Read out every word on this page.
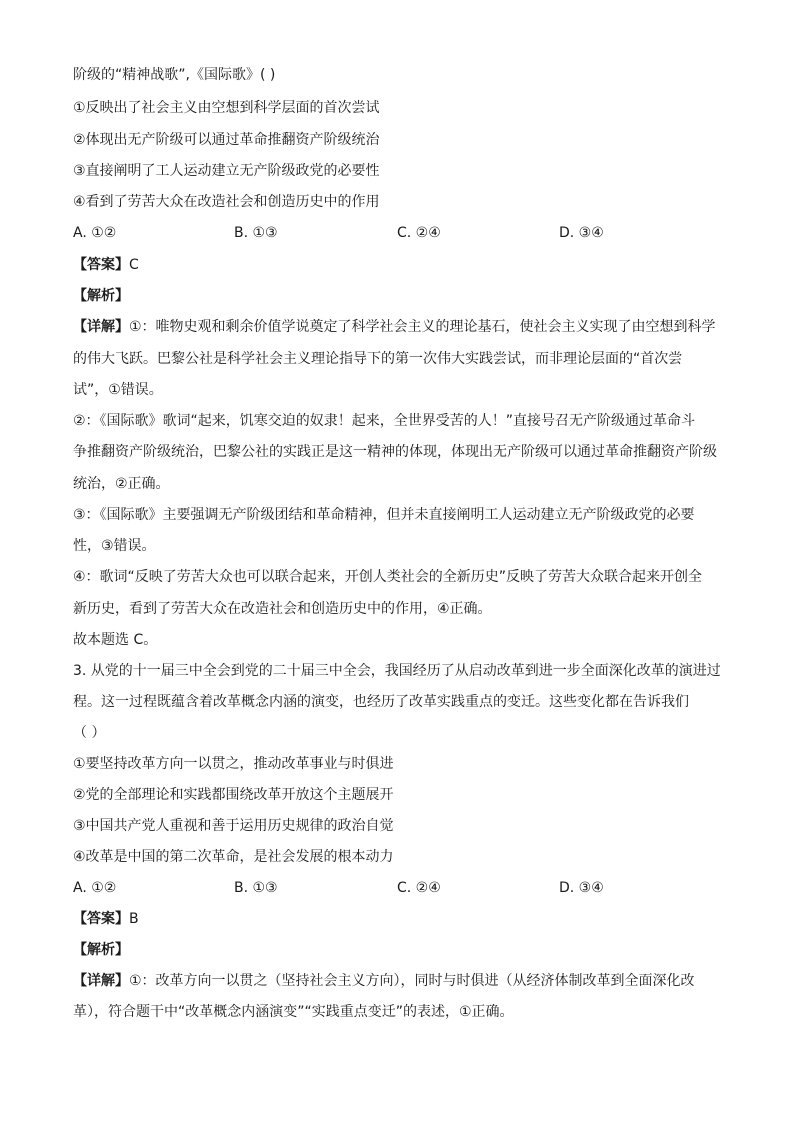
阶级的“精神战歌”,《国际歌》( )
①反映出了社会主义由空想到科学层面的首次尝试
②体现出无产阶级可以通过革命推翻资产阶级统治
③直接阐明了工人运动建立无产阶级政党的必要性
④看到了劳苦大众在改造社会和创造历史中的作用
A. ①②	B. ①③	C. ②④	D. ③④
【答案】C
【解析】
【详解】①：唯物史观和剩余价值学说奠定了科学社会主义的理论基石，使社会主义实现了由空想到科学
的伟大飞跃。巴黎公社是科学社会主义理论指导下的第一次伟大实践尝试，而非理论层面的“首次尝
试”，①错误。
②：《国际歌》歌词“起来，饥寒交迫的奴隶！起来，全世界受苦的人！”直接号召无产阶级通过革命斗
争推翻资产阶级统治，巴黎公社的实践正是这一精神的体现，体现出无产阶级可以通过革命推翻资产阶级
统治，②正确。
③：《国际歌》主要强调无产阶级团结和革命精神，但并未直接阐明工人运动建立无产阶级政党的必要
性，③错误。
④：歌词“反映了劳苦大众也可以联合起来，开创人类社会的全新历史”反映了劳苦大众联合起来开创全
新历史，看到了劳苦大众在改造社会和创造历史中的作用，④正确。
故本题选 C。
3. 从党的十一届三中全会到党的二十届三中全会，我国经历了从启动改革到进一步全面深化改革的演进过
程。这一过程既蕴含着改革概念内涵的演变，也经历了改革实践重点的变迁。这些变化都在告诉我们
（ ）
①要坚持改革方向一以贯之，推动改革事业与时俱进
②党的全部理论和实践都围绕改革开放这个主题展开
③中国共产党人重视和善于运用历史规律的政治自觉
④改革是中国的第二次革命，是社会发展的根本动力
A. ①②	B. ①③	C. ②④	D. ③④
【答案】B
【解析】
【详解】①：改革方向一以贯之（坚持社会主义方向），同时与时俱进（从经济体制改革到全面深化改
革），符合题干中“改革概念内涵演变”“实践重点变迁”的表述，①正确。
